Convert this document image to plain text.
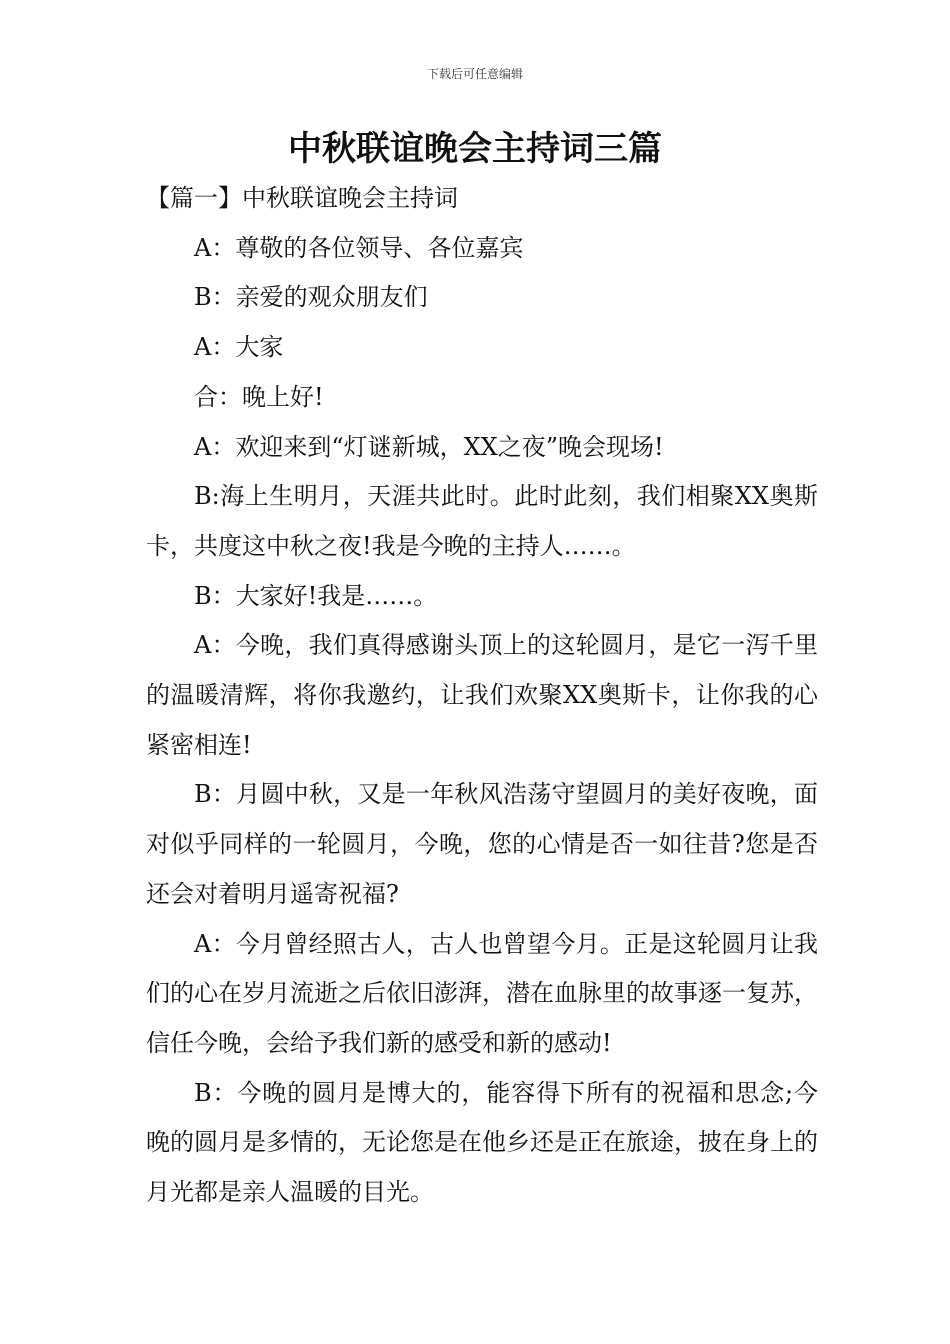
下载后可任意编辑
中秋联谊晚会主持词三篇

【篇一】中秋联谊晚会主持词

A：尊敬的各位领导、各位嘉宾

B：亲爱的观众朋友们

A：大家

合：晚上好!

A：欢迎来到“灯谜新城，XX之夜”晚会现场!

B:海上生明月，天涯共此时。此时此刻，我们相聚XX奥斯卡，共度这中秋之夜!我是今晚的主持人……。

B：大家好!我是……。

A：今晚，我们真得感谢头顶上的这轮圆月，是它一泻千里的温暖清辉，将你我邀约，让我们欢聚XX奥斯卡，让你我的心紧密相连!

B：月圆中秋，又是一年秋风浩荡守望圆月的美好夜晚，面对似乎同样的一轮圆月，今晚，您的心情是否一如往昔?您是否还会对着明月遥寄祝福?

A：今月曾经照古人，古人也曾望今月。正是这轮圆月让我们的心在岁月流逝之后依旧澎湃，潜在血脉里的故事逐一复苏，信任今晚，会给予我们新的感受和新的感动!

B：今晚的圆月是博大的，能容得下所有的祝福和思念;今晚的圆月是多情的，无论您是在他乡还是正在旅途，披在身上的月光都是亲人温暖的目光。
